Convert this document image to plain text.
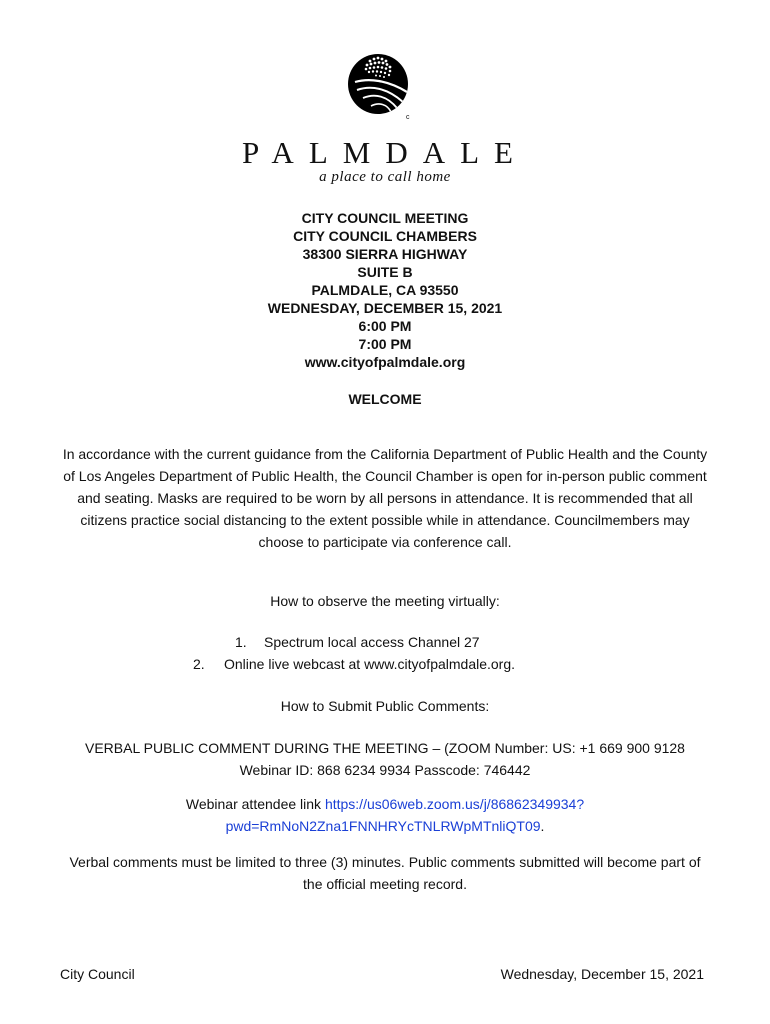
c
PALMDALE
a place to call home
CITY COUNCIL MEETING
CITY COUNCIL CHAMBERS
38300 SIERRA HIGHWAY
SUITE B
PALMDALE, CA 93550
WEDNESDAY, DECEMBER 15, 2021
6:00 PM
7:00 PM
www.cityofpalmdale.org
WELCOME
In accordance with the current guidance from the California Department of Public Health and the County of Los Angeles Department of Public Health, the Council Chamber is open for in-person public comment and seating. Masks are required to be worn by all persons in attendance. It is recommended that all citizens practice social distancing to the extent possible while in attendance. Councilmembers may choose to participate via conference call.
How to observe the meeting virtually:
1. Spectrum local access Channel 27
2. Online live webcast at www.cityofpalmdale.org.
How to Submit Public Comments:
VERBAL PUBLIC COMMENT DURING THE MEETING – (ZOOM Number: US: +1 669 900 9128 Webinar ID: 868 6234 9934 Passcode: 746442
Webinar attendee link https://us06web.zoom.us/j/86862349934?pwd=RmNoN2Zna1FNNHRYcTNLRWpMTnliQT09.
Verbal comments must be limited to three (3) minutes. Public comments submitted will become part of the official meeting record.
City Council	Wednesday, December 15, 2021
